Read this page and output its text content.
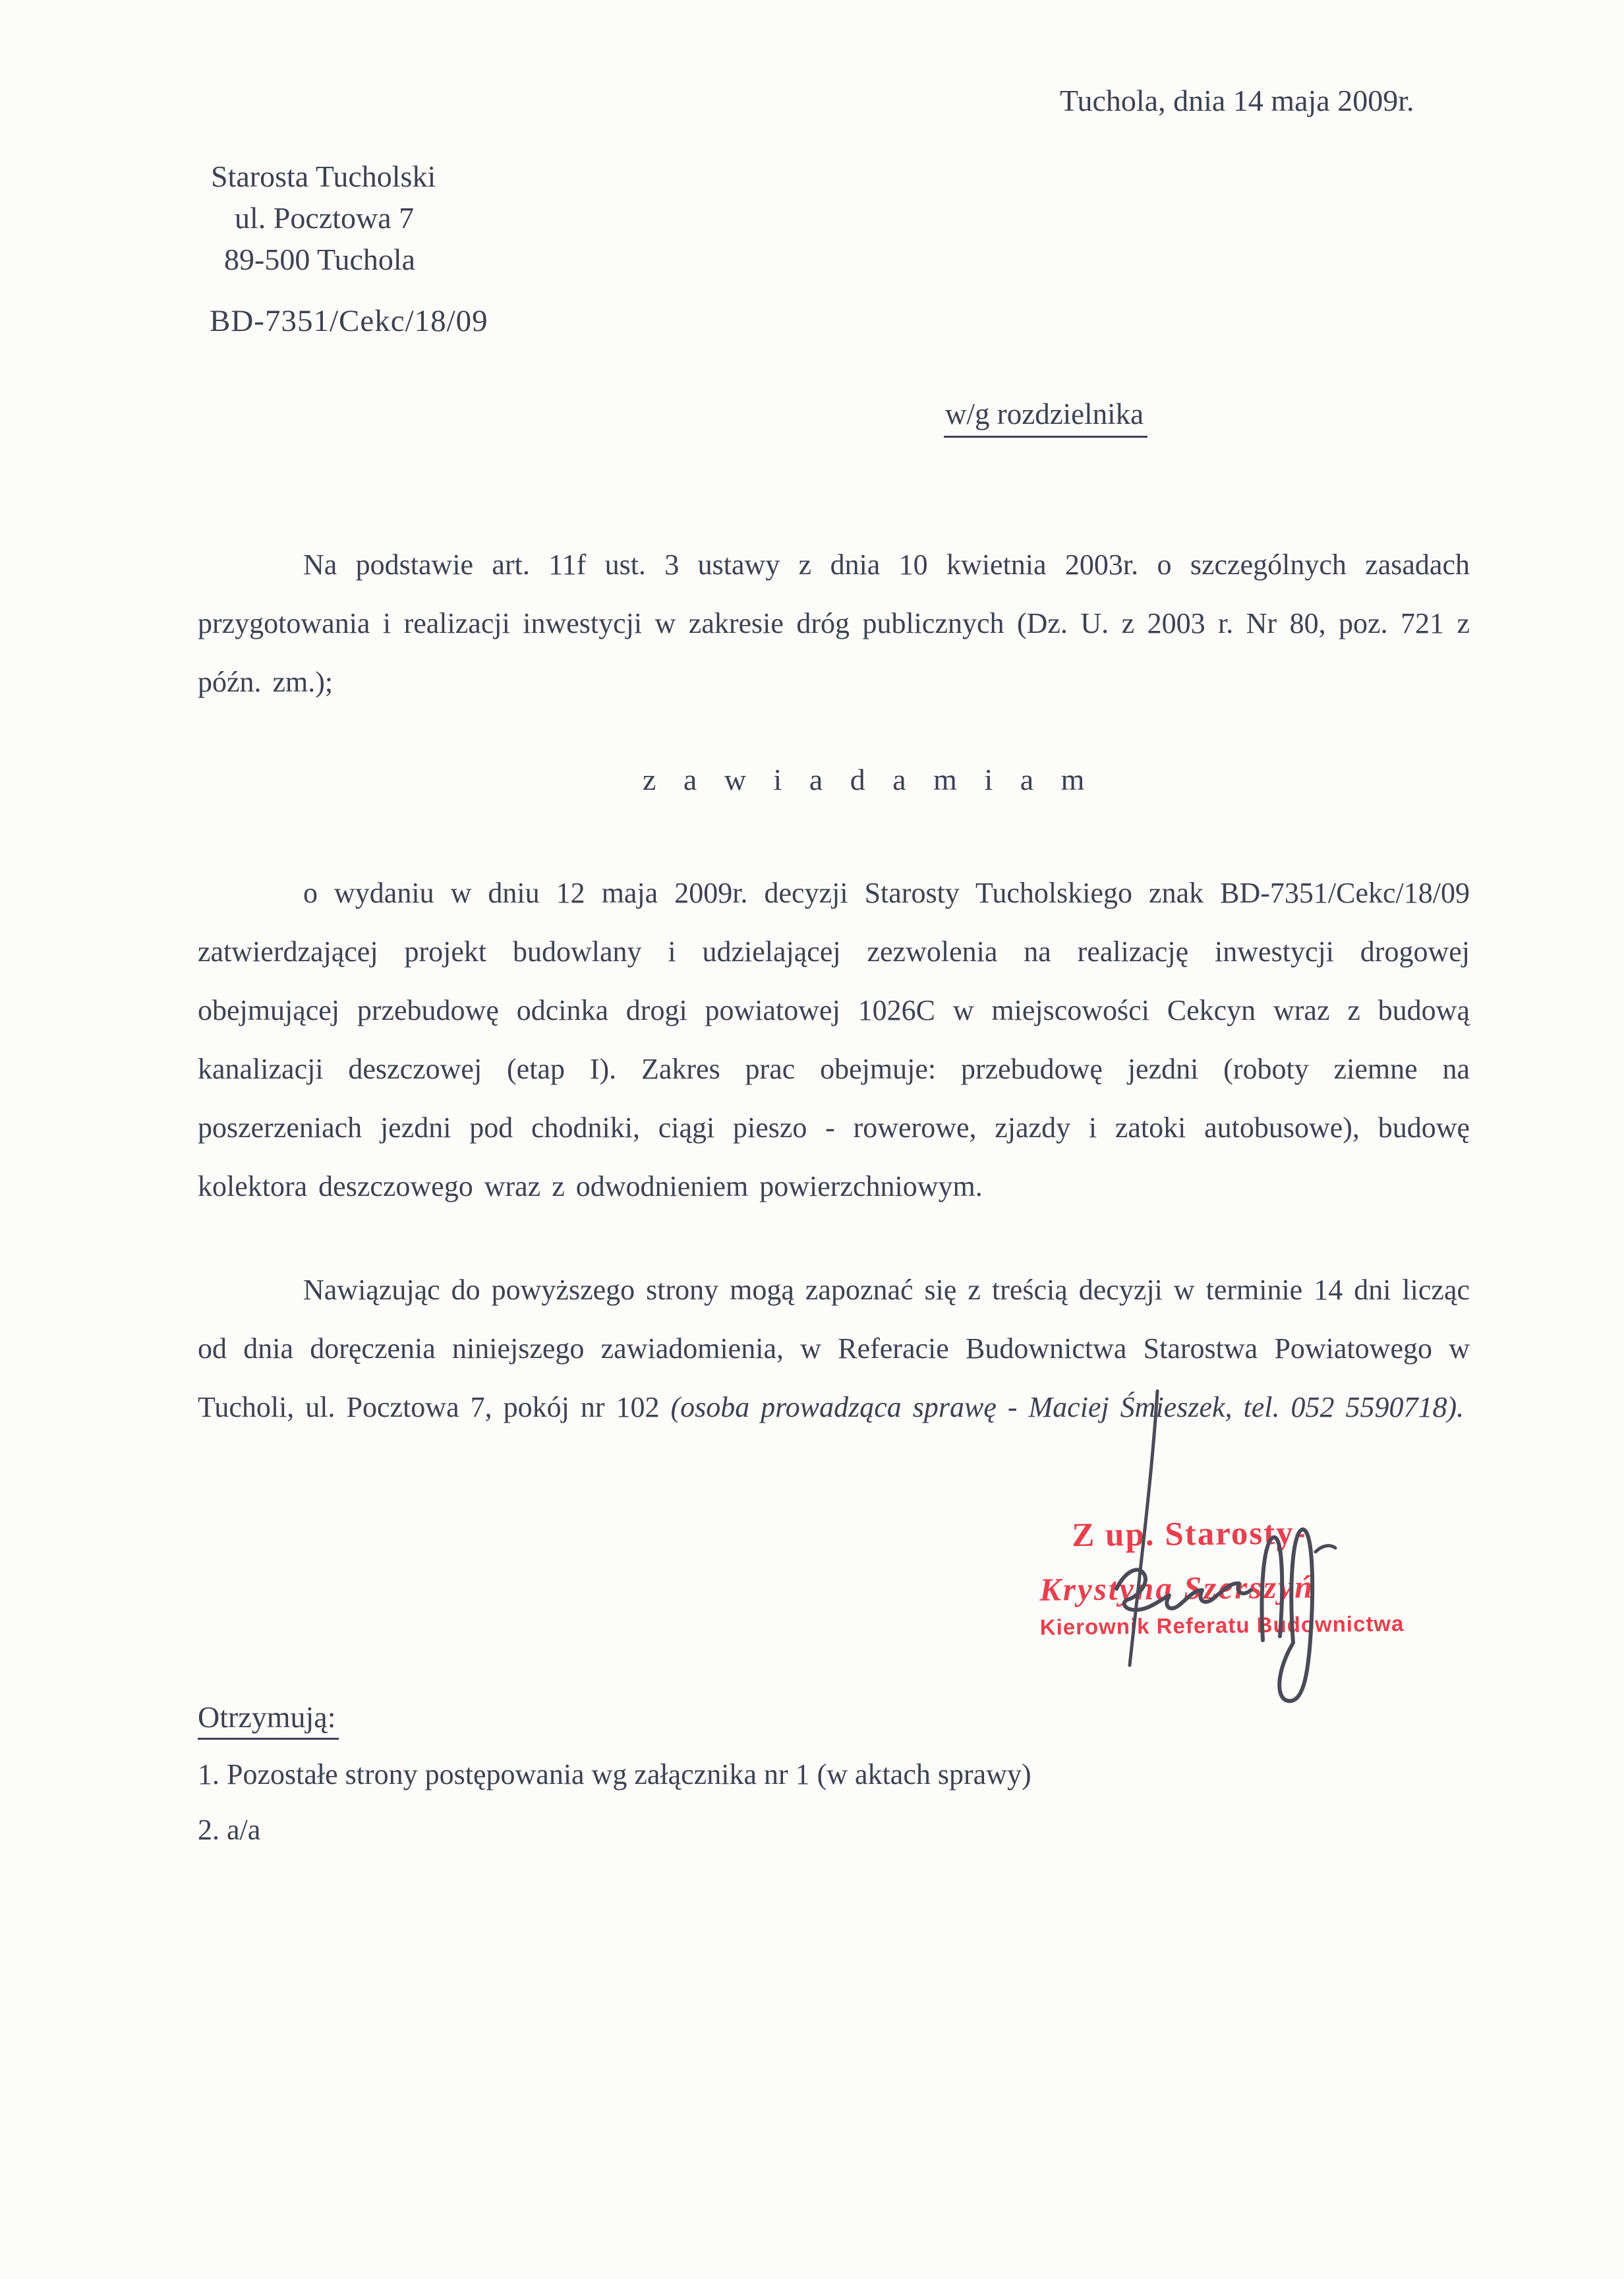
Tuchola, dnia 14 maja 2009r.
Starosta Tucholski
ul. Pocztowa 7
89-500 Tuchola
BD-7351/Cekc/18/09
w/g rozdzielnika
Na podstawie art. 11f ust. 3 ustawy z dnia 10 kwietnia 2003r. o szczególnych zasadach przygotowania i realizacji inwestycji w zakresie dróg publicznych (Dz. U. z 2003 r. Nr 80, poz. 721 z późn. zm.);
z a w i a d a m i a m
o wydaniu w dniu 12 maja 2009r. decyzji Starosty Tucholskiego znak BD-7351/Cekc/18/09 zatwierdzającej projekt budowlany i udzielającej zezwolenia na realizację inwestycji drogowej obejmującej przebudowę odcinka drogi powiatowej 1026C w miejscowości Cekcyn wraz z budową kanalizacji deszczowej (etap I). Zakres prac obejmuje: przebudowę jezdni (roboty ziemne na poszerzeniach jezdni pod chodniki, ciągi pieszo - rowerowe, zjazdy i zatoki autobusowe), budowę kolektora deszczowego wraz z odwodnieniem powierzchniowym.
Nawiązując do powyższego strony mogą zapoznać się z treścią decyzji w terminie 14 dni licząc od dnia doręczenia niniejszego zawiadomienia, w Referacie Budownictwa Starostwa Powiatowego w Tucholi, ul. Pocztowa 7, pokój nr 102 (osoba prowadząca sprawę - Maciej Śmieszek, tel. 052 5590718).
Z up. Starosty-
Krystyna Szerszyń
Kierownik Referatu Budownictwa
Otrzymują:
1. Pozostałe strony postępowania wg załącznika nr 1 (w aktach sprawy)
2. a/a
